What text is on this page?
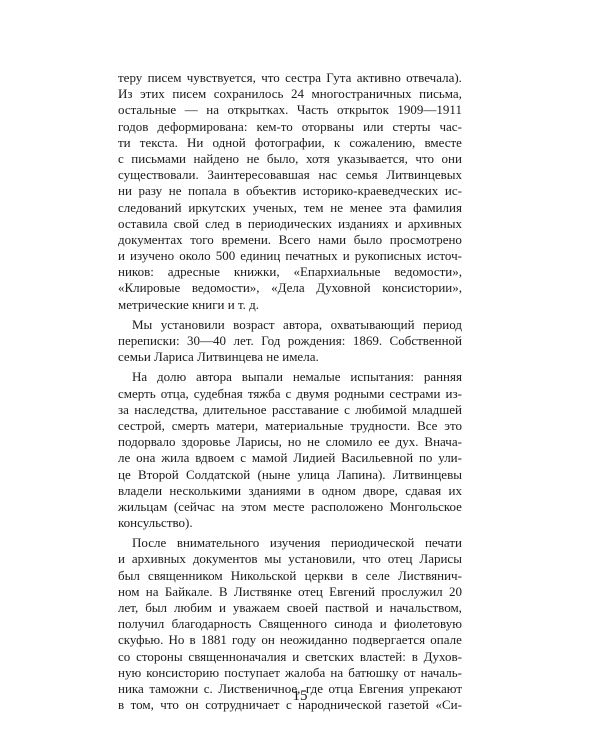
теру писем чувствуется, что сестра Гута активно отвечала).
Из этих писем сохранилось 24 многостраничных письма,
остальные — на открытках. Часть открыток 1909—1911
годов деформирована: кем-то оторваны или стерты час-
ти текста. Ни одной фотографии, к сожалению, вместе
с письмами найдено не было, хотя указывается, что они
существовали. Заинтересовавшая нас семья Литвинцевых
ни разу не попала в объектив историко-краеведческих ис-
следований иркутских ученых, тем не менее эта фамилия
оставила свой след в периодических изданиях и архивных
документах того времени. Всего нами было просмотрено
и изучено около 500 единиц печатных и рукописных источ-
ников: адресные книжки, «Епархиальные ведомости»,
«Клировые ведомости», «Дела Духовной консистории»,
метрические книги и т. д.
Мы установили возраст автора, охватывающий период
переписки: 30—40 лет. Год рождения: 1869. Собственной
семьи Лариса Литвинцева не имела.
На долю автора выпали немалые испытания: ранняя
смерть отца, судебная тяжба с двумя родными сестрами из-
за наследства, длительное расставание с любимой младшей
сестрой, смерть матери, материальные трудности. Все это
подорвало здоровье Ларисы, но не сломило ее дух. Внача-
ле она жила вдвоем с мамой Лидией Васильевной по ули-
це Второй Солдатской (ныне улица Лапина). Литвинцевы
владели несколькими зданиями в одном дворе, сдавая их
жильцам (сейчас на этом месте расположено Монгольское
консульство).
После внимательного изучения периодической печати
и архивных документов мы установили, что отец Ларисы
был священником Никольской церкви в селе Листвянич-
ном на Байкале. В Листвянке отец Евгений прослужил 20
лет, был любим и уважаем своей паствой и начальством,
получил благодарность Священного синода и фиолетовую
скуфью. Но в 1881 году он неожиданно подвергается опале
со стороны священноначалия и светских властей: в Духов-
ную консисторию поступает жалоба на батюшку от началь-
ника таможни с. Лиственичное, где отца Евгения упрекают
в том, что он сотрудничает с народнической газетой «Си-
15
